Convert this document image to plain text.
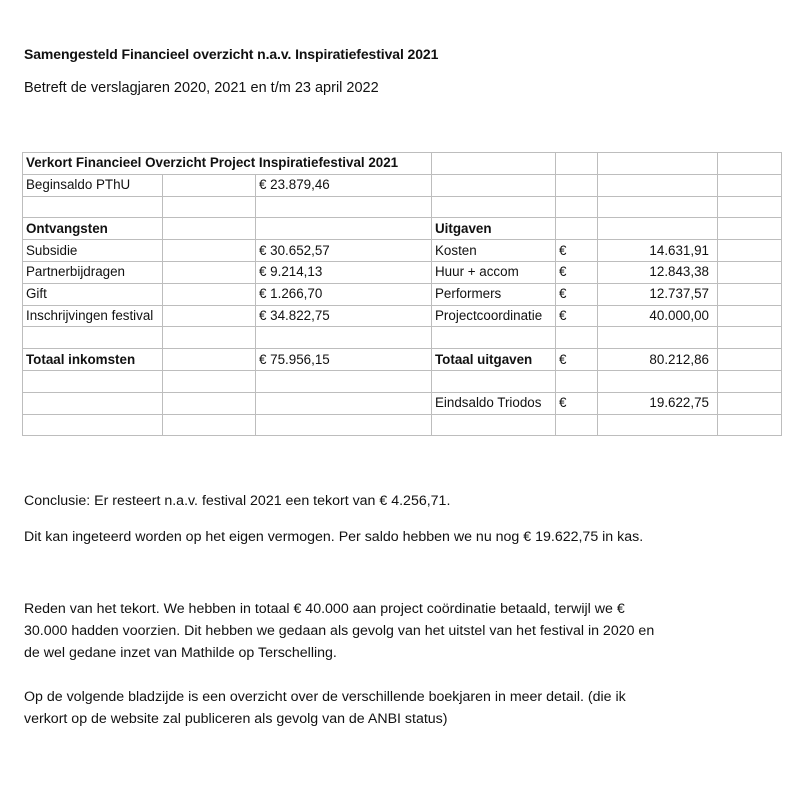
Samengesteld Financieel overzicht n.a.v. Inspiratiefestival 2021
Betreft de verslagjaren 2020, 2021 en t/m 23 april 2022
Verkort Financieel Overzicht Project Inspiratiefestival 2021						
Beginsaldo PThU		€ 23.879,46				

Ontvangsten			Uitgaven			
Subsidie		€ 30.652,57	Kosten	€	14.631,91	
Partnerbijdragen		€ 9.214,13	Huur + accom	€	12.843,38	
Gift		€ 1.266,70	Performers	€	12.737,57	
Inschrijvingen festival		€ 34.822,75	Projectcoordinatie	€	40.000,00	

Totaal inkomsten		€ 75.956,15	Totaal uitgaven	€	80.212,86	

			Eindsaldo Triodos	€	19.622,75	

Conclusie: Er resteert n.a.v. festival 2021 een tekort van € 4.256,71.
Dit kan ingeteerd worden op het eigen vermogen. Per saldo hebben we nu nog € 19.622,75 in kas.
Reden van het tekort. We hebben in totaal € 40.000 aan project coördinatie betaald, terwijl we €
30.000 hadden voorzien. Dit hebben we gedaan als gevolg van het uitstel van het festival in 2020 en
de wel gedane inzet van Mathilde op Terschelling.
Op de volgende bladzijde is een overzicht over de verschillende boekjaren in meer detail. (die ik
verkort op de website zal publiceren als gevolg van de ANBI status)
